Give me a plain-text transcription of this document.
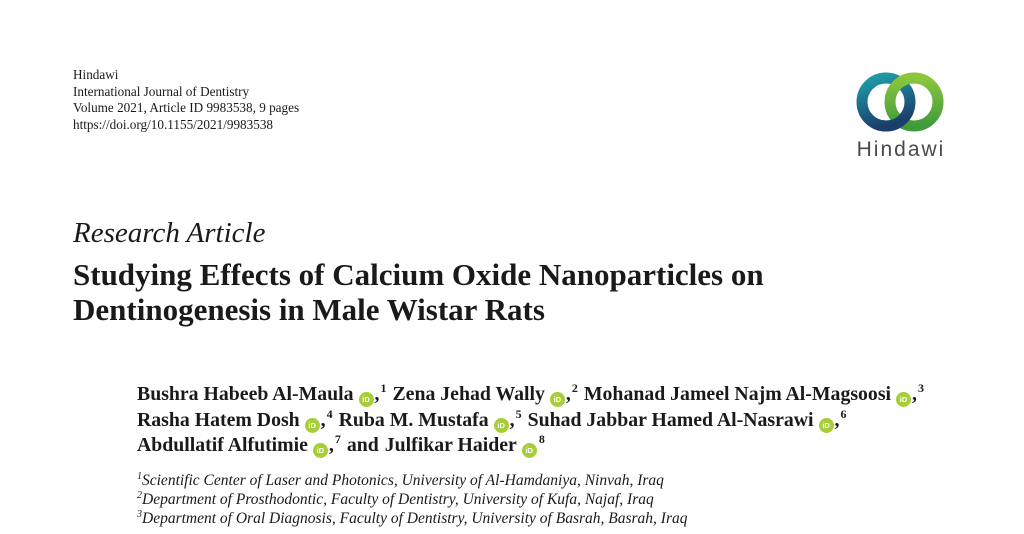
Hindawi
International Journal of Dentistry
Volume 2021, Article ID 9983538, 9 pages
https://doi.org/10.1155/2021/9983538
Hindawi
Research Article
Studying Effects of Calcium Oxide Nanoparticles on
Dentinogenesis in Male Wistar Rats
Bushra Habeeb Al-Maula iD ,$^1$ Zena Jehad Wally iD ,$^2$ Mohanad Jameel Najm Al-Magsoosi iD ,$^3$
Rasha Hatem Dosh iD ,$^4$ Ruba M. Mustafa iD ,$^5$ Suhad Jabbar Hamed Al-Nasrawi iD ,$^6$
Abdullatif Alfutimie iD ,$^7$ and Julfikar Haider $iD^8$
$^1$Scientific Center of Laser and Photonics, University of Al-Hamdaniya, Ninvah, Iraq
$^2$Department of Prosthodontic, Faculty of Dentistry, University of Kufa, Najaf, Iraq
$^3$Department of Oral Diagnosis, Faculty of Dentistry, University of Basrah, Basrah, Iraq
